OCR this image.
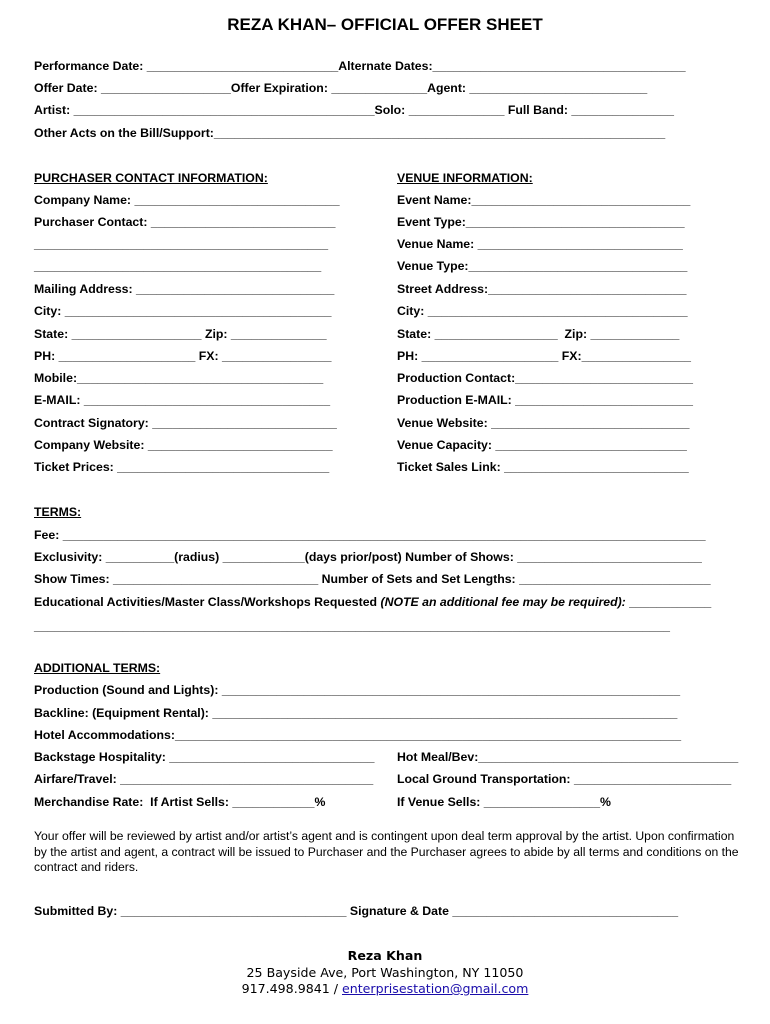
REZA KHAN– OFFICIAL OFFER SHEET
Performance Date: ____________________________Alternate Dates:_____________________________________
Offer Date: ___________________Offer Expiration: ______________Agent: __________________________
Artist: ____________________________________________Solo: ______________ Full Band: _______________
Other Acts on the Bill/Support:__________________________________________________________________
PURCHASER CONTACT INFORMATION:	VENUE INFORMATION:
Company Name: ______________________________
Purchaser Contact: ___________________________
___________________________________________
__________________________________________
Mailing Address: _____________________________
City: _______________________________________
State: ___________________ Zip: ______________
PH: ____________________ FX: ________________
Mobile:____________________________________
E-MAIL: ____________________________________
Contract Signatory: ___________________________
Company Website: ___________________________
Ticket Prices: _______________________________
Event Name:________________________________
Event Type:________________________________
Venue Name: ______________________________
Venue Type:________________________________
Street Address:_____________________________
City: ______________________________________
State: __________________  Zip: _____________
PH: ____________________ FX:________________
Production Contact:__________________________
Production E-MAIL: __________________________
Venue Website: _____________________________
Venue Capacity: ____________________________
Ticket Sales Link: ___________________________
TERMS:
Fee: ______________________________________________________________________________________________
Exclusivity: __________(radius) ____________(days prior/post) Number of Shows: ___________________________
Show Times: ______________________________ Number of Sets and Set Lengths: ____________________________
Educational Activities/Master Class/Workshops Requested (NOTE an additional fee may be required): ____________
_____________________________________________________________________________________________
ADDITIONAL TERMS:
Production (Sound and Lights): ___________________________________________________________________
Backline: (Equipment Rental): ____________________________________________________________________
Hotel Accommodations:__________________________________________________________________________
Backstage Hospitality: ______________________________
Airfare/Travel: _____________________________________
Merchandise Rate:  If Artist Sells: ____________%
Hot Meal/Bev:______________________________________
Local Ground Transportation: _______________________
If Venue Sells: _________________%
Your offer will be reviewed by artist and/or artist’s agent and is contingent upon deal term approval by the artist. Upon confirmation by the artist and agent, a contract will be issued to Purchaser and the Purchaser agrees to abide by all terms and conditions on the contract and riders.
Submitted By: _________________________________ Signature & Date _________________________________
Reza Khan
25 Bayside Ave, Port Washington, NY 11050
917.498.9841 / enterprisestation@gmail.com
